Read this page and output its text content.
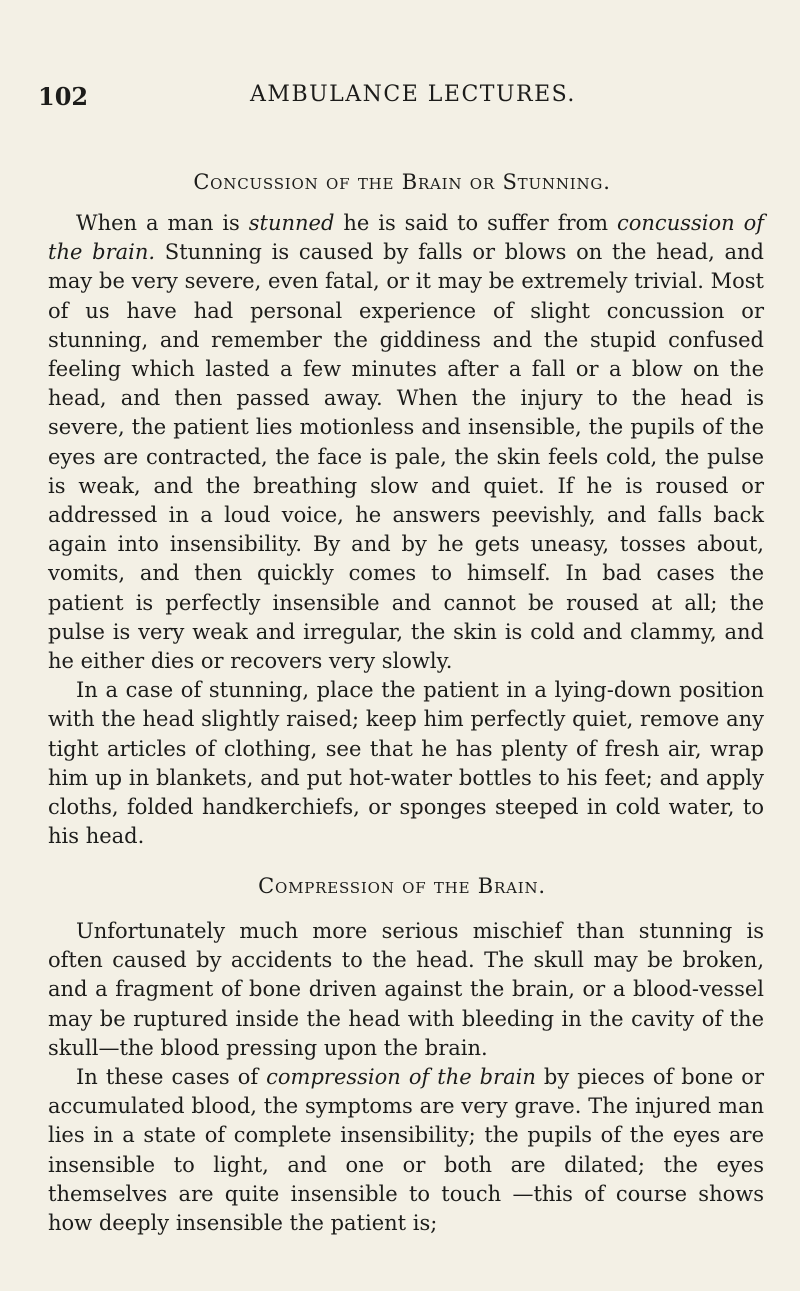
102	AMBULANCE LECTURES.
Concussion of the Brain or Stunning.

When a man is stunned he is said to suffer from concussion of the brain. Stunning is caused by falls or blows on the head, and may be very severe, even fatal, or it may be extremely trivial. Most of us have had personal experience of slight concussion or stunning, and remember the giddiness and the stupid confused feeling which lasted a few minutes after a fall or a blow on the head, and then passed away. When the injury to the head is severe, the patient lies motionless and insensible, the pupils of the eyes are contracted, the face is pale, the skin feels cold, the pulse is weak, and the breathing slow and quiet. If he is roused or addressed in a loud voice, he answers peevishly, and falls back again into insensibility. By and by he gets uneasy, tosses about, vomits, and then quickly comes to himself. In bad cases the patient is perfectly insensible and cannot be roused at all; the pulse is very weak and irregular, the skin is cold and clammy, and he either dies or recovers very slowly.

In a case of stunning, place the patient in a lying-down position with the head slightly raised; keep him perfectly quiet, remove any tight articles of clothing, see that he has plenty of fresh air, wrap him up in blankets, and put hot-water bottles to his feet; and apply cloths, folded handkerchiefs, or sponges steeped in cold water, to his head.

Compression of the Brain.

Unfortunately much more serious mischief than stunning is often caused by accidents to the head. The skull may be broken, and a fragment of bone driven against the brain, or a blood-vessel may be ruptured inside the head with bleeding in the cavity of the skull—the blood pressing upon the brain.

In these cases of compression of the brain by pieces of bone or accumulated blood, the symptoms are very grave. The injured man lies in a state of complete insensibility; the pupils of the eyes are insensible to light, and one or both are dilated; the eyes themselves are quite insensible to touch —this of course shows how deeply insensible the patient is;
